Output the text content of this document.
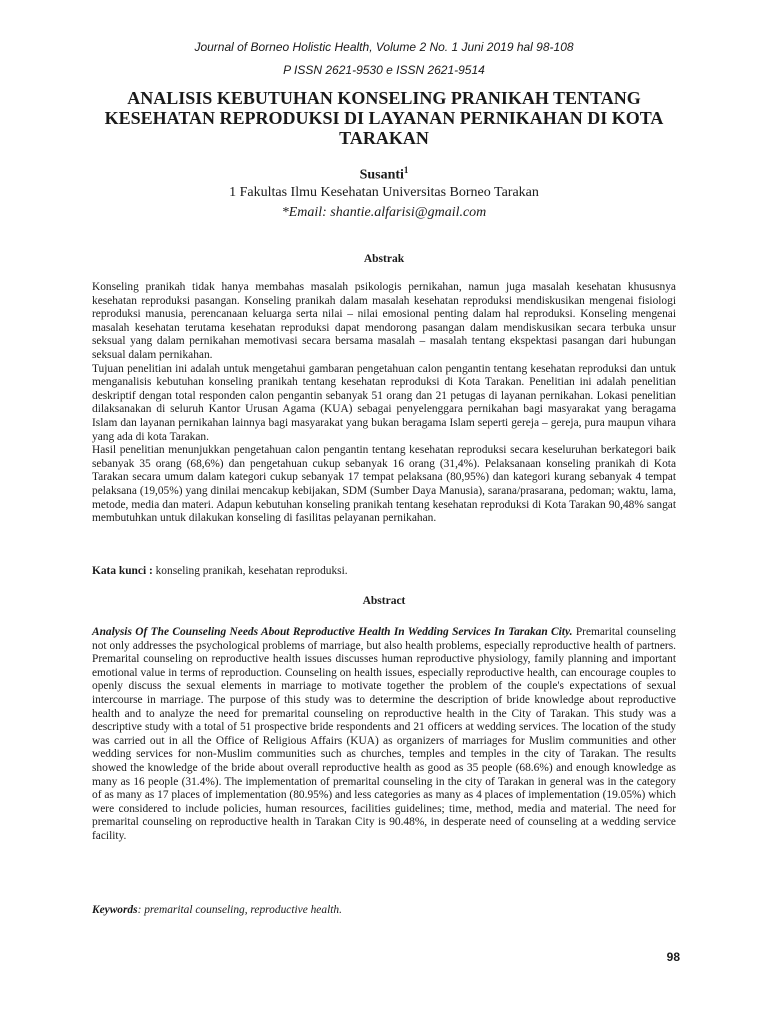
Journal of Borneo Holistic Health, Volume 2 No. 1 Juni 2019 hal 98-108
P ISSN 2621-9530 e ISSN 2621-9514
ANALISIS KEBUTUHAN KONSELING PRANIKAH TENTANG KESEHATAN REPRODUKSI DI LAYANAN PERNIKAHAN DI KOTA TARAKAN
Susanti$^1$
1 Fakultas Ilmu Kesehatan Universitas Borneo Tarakan
*Email: shantie.alfarisi@gmail.com
Abstrak

Konseling pranikah tidak hanya membahas masalah psikologis pernikahan, namun juga masalah kesehatan khususnya kesehatan reproduksi pasangan. Konseling pranikah dalam masalah kesehatan reproduksi mendiskusikan mengenai fisiologi reproduksi manusia, perencanaan keluarga serta nilai – nilai emosional penting dalam hal reproduksi. Konseling mengenai masalah kesehatan terutama kesehatan reproduksi dapat mendorong pasangan dalam mendiskusikan secara terbuka unsur seksual yang dalam pernikahan memotivasi secara bersama masalah – masalah tentang ekspektasi pasangan dari hubungan seksual dalam pernikahan.

Tujuan penelitian ini adalah untuk mengetahui gambaran pengetahuan calon pengantin tentang kesehatan reproduksi dan untuk menganalisis kebutuhan konseling pranikah tentang kesehatan reproduksi di Kota Tarakan. Penelitian ini adalah penelitian deskriptif dengan total responden calon pengantin sebanyak 51 orang dan 21 petugas di layanan pernikahan. Lokasi penelitian dilaksanakan di seluruh Kantor Urusan Agama (KUA) sebagai penyelenggara pernikahan bagi masyarakat yang beragama Islam dan layanan pernikahan lainnya bagi masyarakat yang bukan beragama Islam seperti gereja – gereja, pura maupun vihara yang ada di kota Tarakan.

Hasil penelitian menunjukkan pengetahuan calon pengantin tentang kesehatan reproduksi secara keseluruhan berkategori baik sebanyak 35 orang (68,6%) dan pengetahuan cukup sebanyak 16 orang (31,4%). Pelaksanaan konseling pranikah di Kota Tarakan secara umum dalam kategori cukup sebanyak 17 tempat pelaksana (80,95%) dan kategori kurang sebanyak 4 tempat pelaksana (19,05%) yang dinilai mencakup kebijakan, SDM (Sumber Daya Manusia), sarana/prasarana, pedoman; waktu, lama, metode, media dan materi. Adapun kebutuhan konseling pranikah tentang kesehatan reproduksi di Kota Tarakan 90,48% sangat membutuhkan untuk dilakukan konseling di fasilitas pelayanan pernikahan.

Kata kunci : konseling pranikah, kesehatan reproduksi.
Abstract

Analysis Of The Counseling Needs About Reproductive Health In Wedding Services In Tarakan City. Premarital counseling not only addresses the psychological problems of marriage, but also health problems, especially reproductive health of partners. Premarital counseling on reproductive health issues discusses human reproductive physiology, family planning and important emotional value in terms of reproduction. Counseling on health issues, especially reproductive health, can encourage couples to openly discuss the sexual elements in marriage to motivate together the problem of the couple's expectations of sexual intercourse in marriage. The purpose of this study was to determine the description of bride knowledge about reproductive health and to analyze the need for premarital counseling on reproductive health in the City of Tarakan. This study was a descriptive study with a total of 51 prospective bride respondents and 21 officers at wedding services. The location of the study was carried out in all the Office of Religious Affairs (KUA) as organizers of marriages for Muslim communities and other wedding services for non-Muslim communities such as churches, temples and temples in the city of Tarakan. The results showed the knowledge of the bride about overall reproductive health as good as 35 people (68.6%) and enough knowledge as many as 16 people (31.4%). The implementation of premarital counseling in the city of Tarakan in general was in the category of as many as 17 places of implementation (80.95%) and less categories as many as 4 places of implementation (19.05%) which were considered to include policies, human resources, facilities guidelines; time, method, media and material. The need for premarital counseling on reproductive health in Tarakan City is 90.48%, in desperate need of counseling at a wedding service facility.

Keywords: premarital counseling, reproductive health.
98
